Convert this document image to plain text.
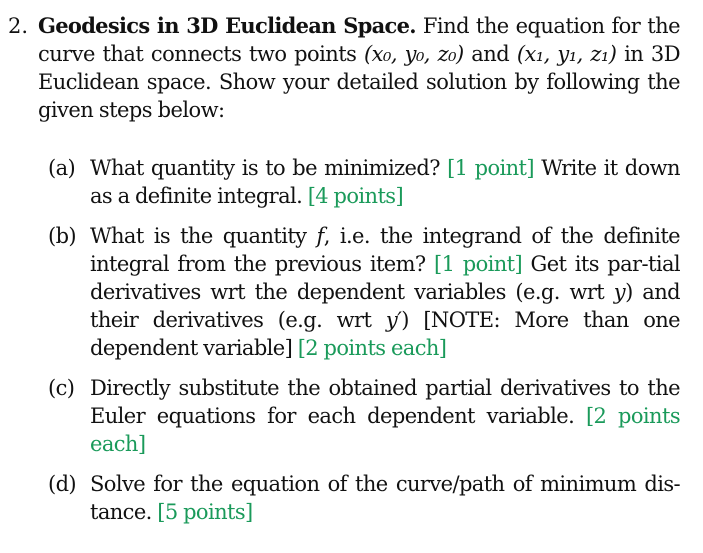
2. Geodesics in 3D Euclidean Space. Find the equation for the curve that connects two points (x₀, y₀, z₀) and (x₁, y₁, z₁) in 3D Euclidean space. Show your detailed solution by following the given steps below:
(a) What quantity is to be minimized? [1 point] Write it down as a definite integral. [4 points]
(b) What is the quantity f, i.e. the integrand of the definite integral from the previous item? [1 point] Get its par-tial derivatives wrt the dependent variables (e.g. wrt y) and their derivatives (e.g. wrt y′) [NOTE: More than one dependent variable] [2 points each]
(c) Directly substitute the obtained partial derivatives to the Euler equations for each dependent variable. [2 points each]
(d) Solve for the equation of the curve/path of minimum dis-tance. [5 points]
